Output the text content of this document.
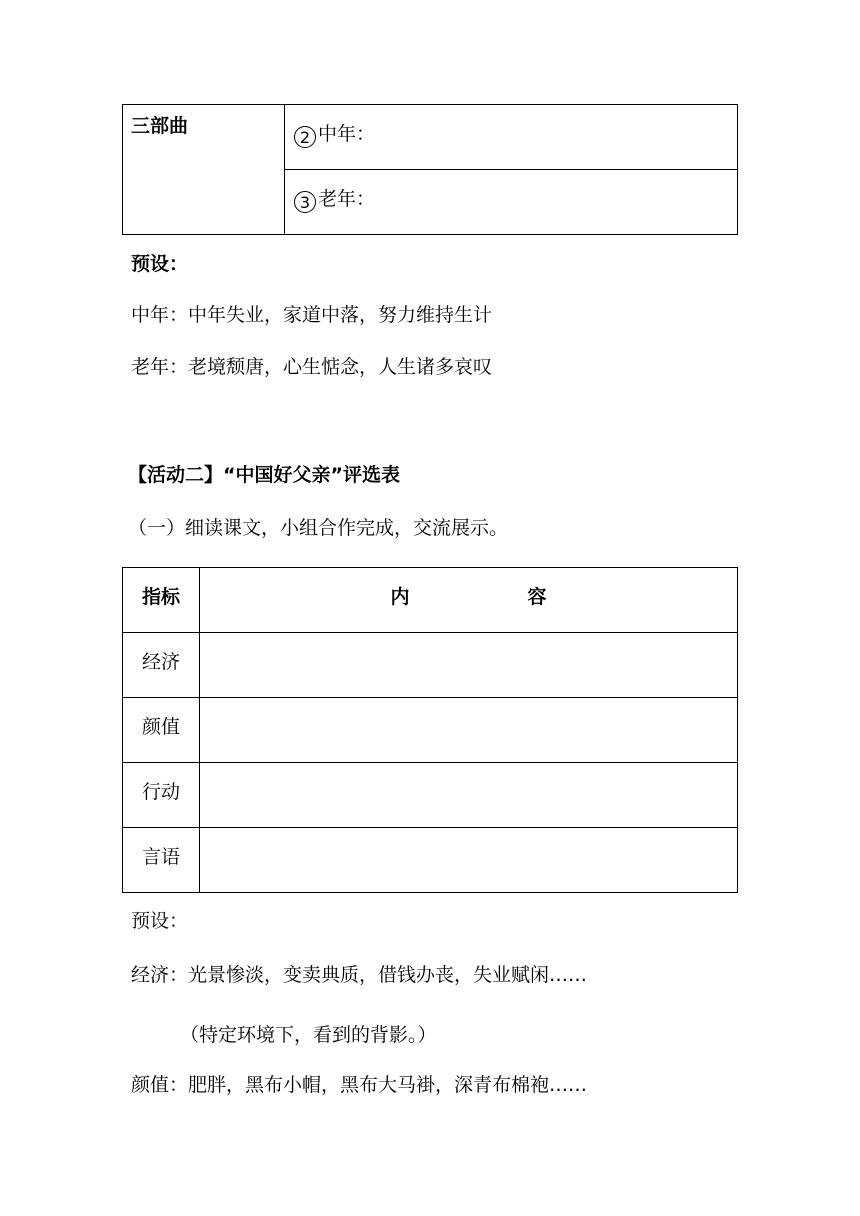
三部曲	2 中年：
3 老年：
预设：
中年：中年失业，家道中落，努力维持生计
老年：老境颓唐，心生惦念，人生诸多哀叹
【活动二】“中国好父亲”评选表
（一）细读课文，小组合作完成，交流展示。
指标	内 容

经济	
颜值	
行动	
言语	
预设：
经济：光景惨淡，变卖典质，借钱办丧，失业赋闲……
（特定环境下，看到的背影。）
颜值：肥胖，黑布小帽，黑布大马褂，深青布棉袍……
